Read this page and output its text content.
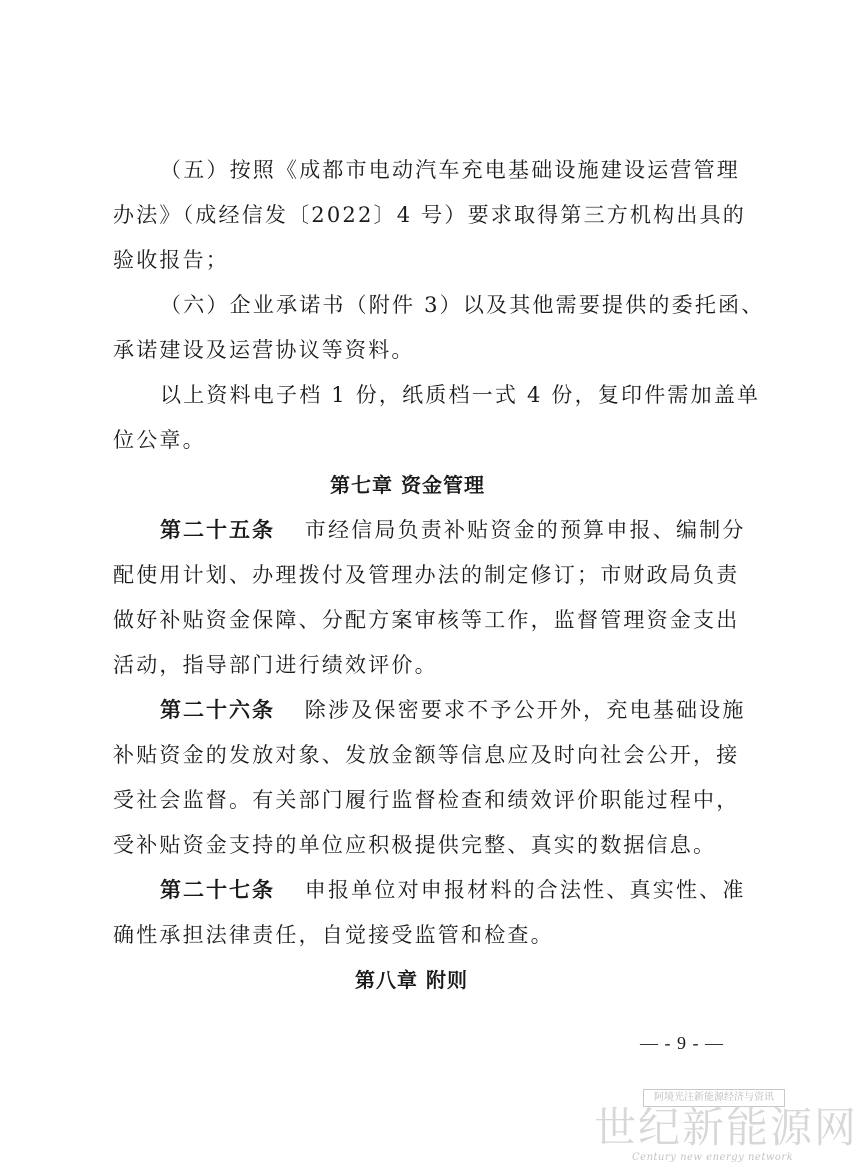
（五）按照《成都市电动汽车充电基础设施建设运营管理

办法》（成经信发〔2022〕4 号）要求取得第三方机构出具的

验收报告；

（六）企业承诺书（附件 3）以及其他需要提供的委托函、

承诺建设及运营协议等资料。

以上资料电子档 1 份，纸质档一式 4 份，复印件需加盖单

位公章。

第七章 资金管理

第二十五条 市经信局负责补贴资金的预算申报、编制分

配使用计划、办理拨付及管理办法的制定修订；市财政局负责

做好补贴资金保障、分配方案审核等工作，监督管理资金支出

活动，指导部门进行绩效评价。

第二十六条 除涉及保密要求不予公开外，充电基础设施

补贴资金的发放对象、发放金额等信息应及时向社会公开，接

受社会监督。有关部门履行监督检查和绩效评价职能过程中，

受补贴资金支持的单位应积极提供完整、真实的数据信息。

第二十七条 申报单位对申报材料的合法性、真实性、准

确性承担法律责任，自觉接受监管和检查。

第八章 附则

— - 9 - —
阿境光注新能源经济与资讯
世纪新能源网
Century new energy network
